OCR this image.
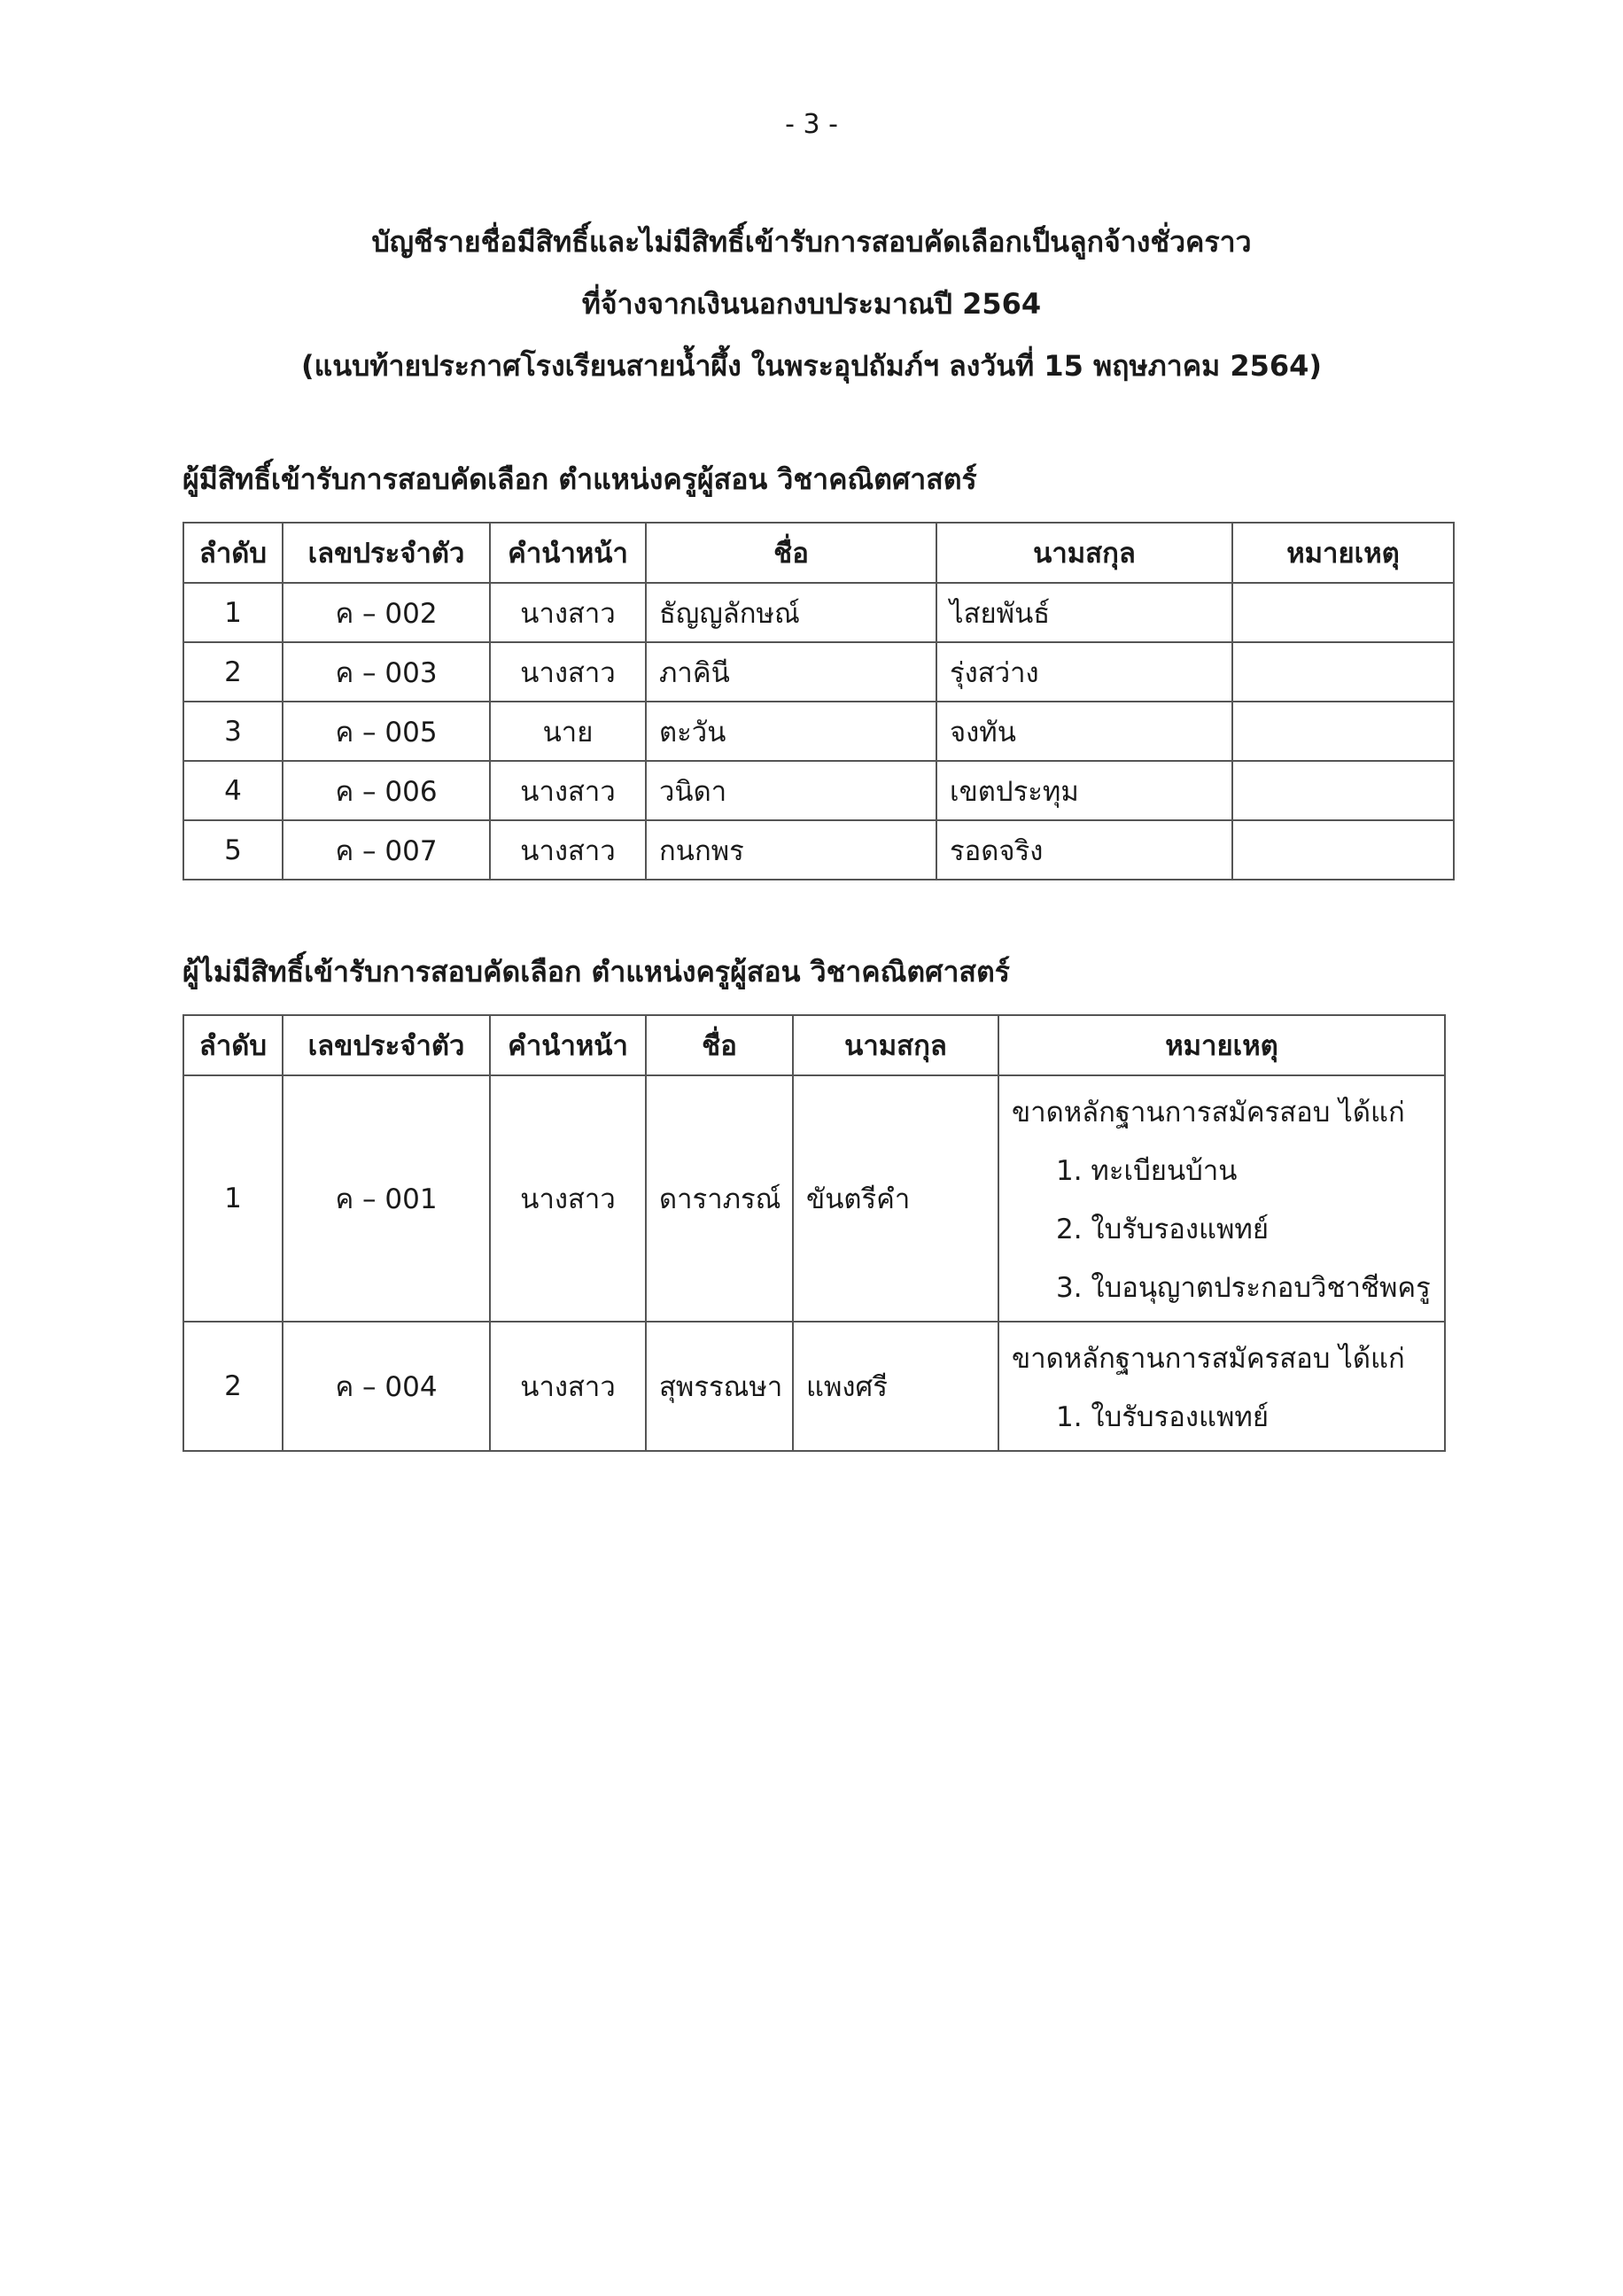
- 3 -
บัญชีรายชื่อมีสิทธิ์และไม่มีสิทธิ์เข้ารับการสอบคัดเลือกเป็นลูกจ้างชั่วคราว
ที่จ้างจากเงินนอกงบประมาณปี 2564
(แนบท้ายประกาศโรงเรียนสายน้ำผึ้ง ในพระอุปถัมภ์ฯ ลงวันที่ 15 พฤษภาคม 2564)
ผู้มีสิทธิ์เข้ารับการสอบคัดเลือก ตำแหน่งครูผู้สอน วิชาคณิตศาสตร์
ลำดับ	เลขประจำตัว	คำนำหน้า	ชื่อ	นามสกุล	หมายเหตุ
1	ค – 002	นางสาว	ธัญญลักษณ์	ไสยพันธ์	
2	ค – 003	นางสาว	ภาคินี	รุ่งสว่าง	
3	ค – 005	นาย	ตะวัน	จงทัน	
4	ค – 006	นางสาว	วนิดา	เขตประทุม	
5	ค – 007	นางสาว	กนกพร	รอดจริง	
ผู้ไม่มีสิทธิ์เข้ารับการสอบคัดเลือก ตำแหน่งครูผู้สอน วิชาคณิตศาสตร์
ลำดับ	เลขประจำตัว	คำนำหน้า	ชื่อ	นามสกุล	หมายเหตุ
1	ค – 001	นางสาว	ดาราภรณ์	ขันตรีคำ	ขาดหลักฐานการสมัครสอบ ได้แก่
1. ทะเบียนบ้าน
2. ใบรับรองแพทย์
3. ใบอนุญาตประกอบวิชาชีพครู

2	ค – 004	นางสาว	สุพรรณษา	แพงศรี	ขาดหลักฐานการสมัครสอบ ได้แก่
1. ใบรับรองแพทย์
